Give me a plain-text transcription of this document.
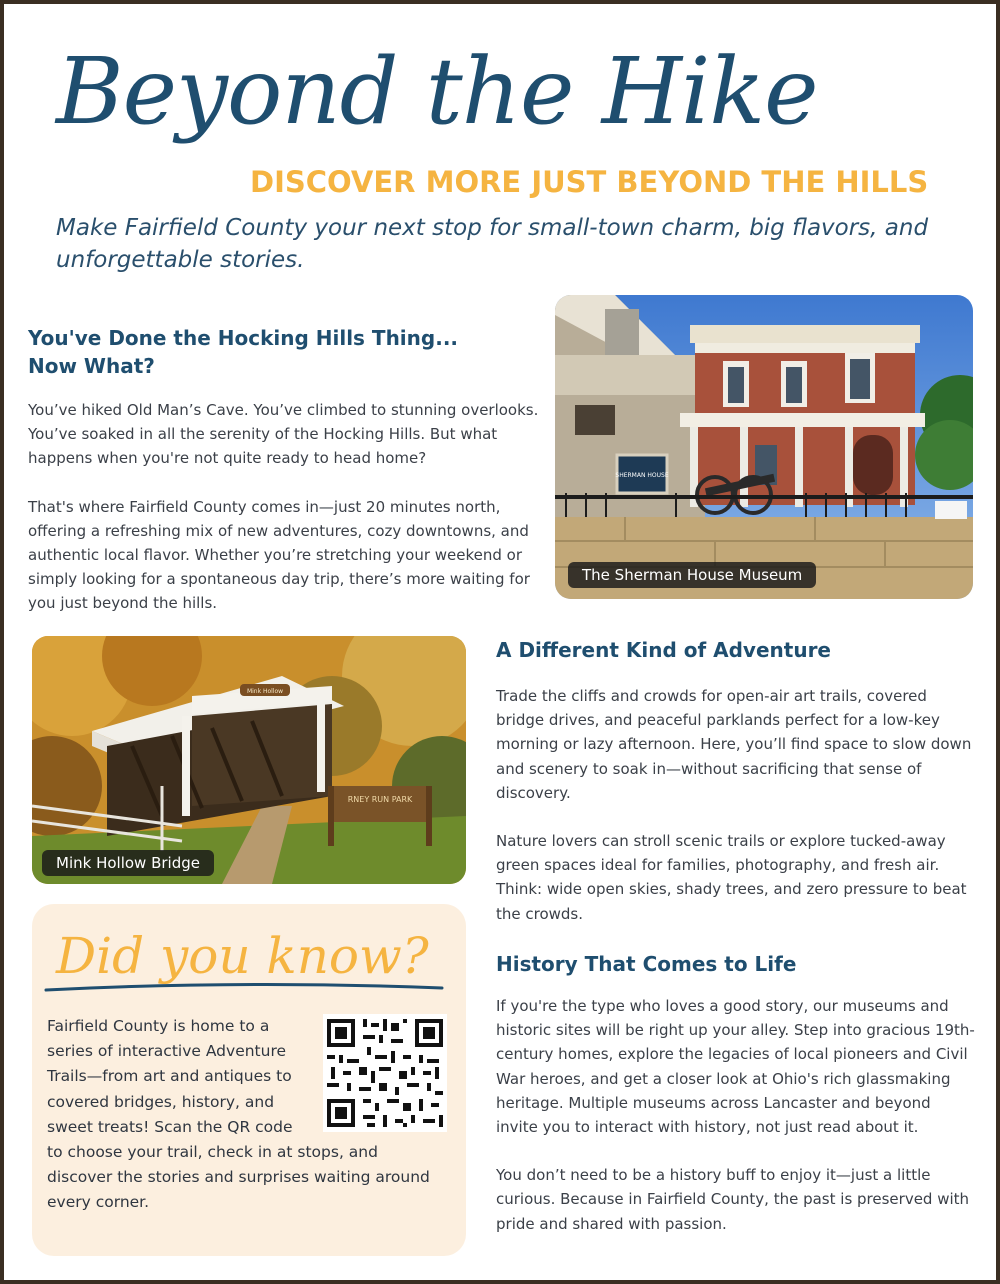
Beyond the Hike
DISCOVER MORE JUST BEYOND THE HILLS
Make Fairfield County your next stop for small-town charm, big flavors, and unforgettable stories.
You've Done the Hocking Hills Thing...
Now What?

You’ve hiked Old Man’s Cave. You’ve climbed to stunning overlooks. You’ve soaked in all the serenity of the Hocking Hills. But what happens when you're not quite ready to head home?

That's where Fairfield County comes in—just 20 minutes north, offering a refreshing mix of new adventures, cozy downtowns, and authentic local flavor. Whether you’re stretching your weekend or simply looking for a spontaneous day trip, there’s more waiting for you just beyond the hills.

SHERMAN HOUSE
The Sherman House Museum
Mink Hollow
RNEY RUN PARK
Mink Hollow Bridge
A Different Kind of Adventure

Trade the cliffs and crowds for open-air art trails, covered bridge drives, and peaceful parklands perfect for a low-key morning or lazy afternoon. Here, you’ll find space to slow down and scenery to soak in—without sacrificing that sense of discovery.

Nature lovers can stroll scenic trails or explore tucked-away green spaces ideal for families, photography, and fresh air. Think: wide open skies, shady trees, and zero pressure to beat the crowds.

History That Comes to Life

If you're the type who loves a good story, our museums and historic sites will be right up your alley. Step into gracious 19th-century homes, explore the legacies of local pioneers and Civil War heroes, and get a closer look at Ohio's rich glassmaking heritage. Multiple museums across Lancaster and beyond invite you to interact with history, not just read about it.

You don’t need to be a history buff to enjoy it—just a little curious. Because in Fairfield County, the past is preserved with pride and shared with passion.

Did you know?
Fairfield County is home to a series of interactive Adventure Trails—from art and antiques to covered bridges, history, and sweet treats! Scan the QR code to choose your trail, check in at stops, and discover the stories and surprises waiting around every corner.
